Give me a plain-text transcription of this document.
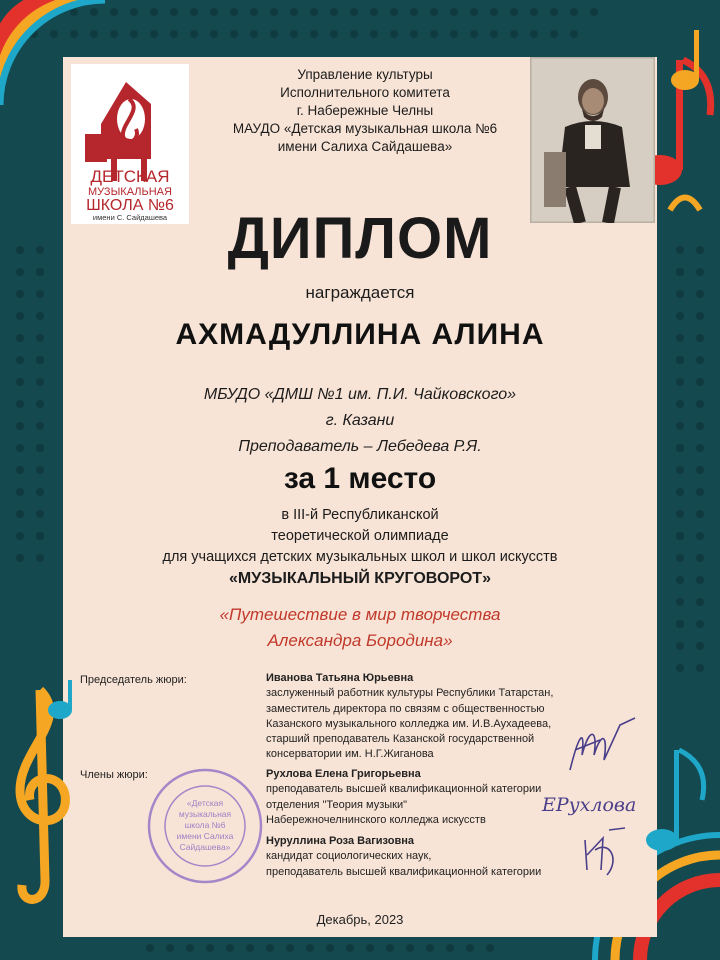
ДЕТСКАЯ
МУЗЫКАЛЬНАЯ
ШКОЛА №6
имени С. Сайдашева
Управление культуры
Исполнительного комитета
г. Набережные Челны
МАУДО «Детская музыкальная школа №6
имени Салиха Сайдашева»
ДИПЛОМ
награждается
АХМАДУЛЛИНА АЛИНА
МБУДО «ДМШ №1 им. П.И. Чайковского»
г. Казани
Преподаватель – Лебедева Р.Я.
за 1 место
в III-й Республиканской
теоретической олимпиаде
для учащихся детских музыкальных школ и школ искусств
«МУЗЫКАЛЬНЫЙ КРУГОВОРОТ»
«Путешествие в мир творчества
Александра Бородина»
Председатель жюри:	Иванова Татьяна Юрьевна
заслуженный работник культуры Республики Татарстан,
заместитель директора по связям с общественностью
Казанского музыкального колледжа им. И.В.Аухадеева,
старший преподаватель Казанской государственной
консерватории им. Н.Г.Жиганова
Члены жюри:	Рухлова Елена Григорьевна
преподаватель высшей квалификационной категории
отделения "Теория музыки"
Набережночелнинского колледжа искусств
Нуруллина Роза Вагизовна
кандидат социологических наук,
преподаватель высшей квалификационной категории
«Детская
музыкальная
школа №6
имени Салиха
Сайдашева»
ЕРухлова
Декабрь, 2023
